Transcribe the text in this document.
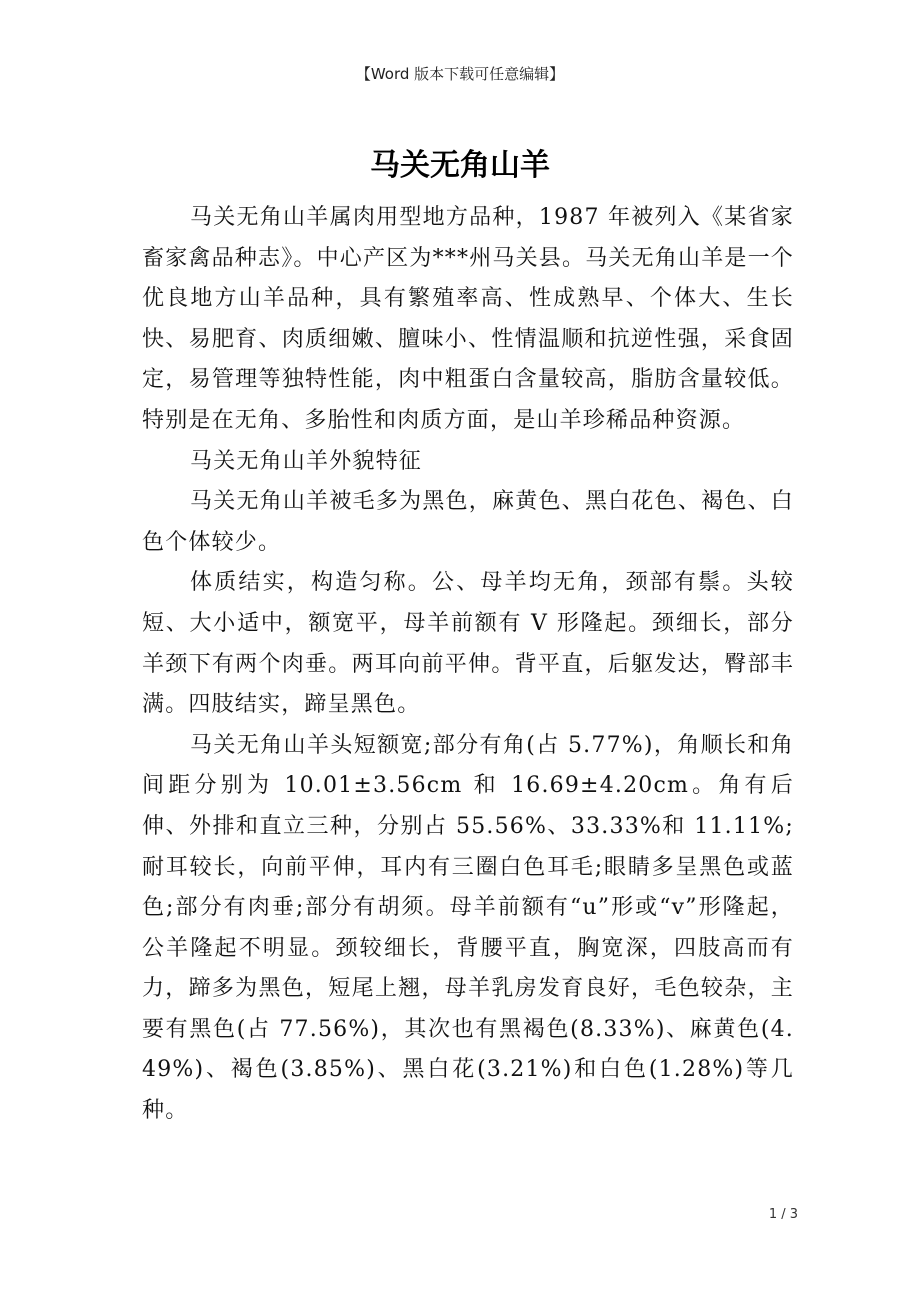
【Word 版本下载可任意编辑】
马关无角山羊

马关无角山羊属肉用型地方品种，1987 年被列入《某省家畜家禽品种志》。中心产区为***州马关县。马关无角山羊是一个优良地方山羊品种，具有繁殖率高、性成熟早、个体大、生长快、易肥育、肉质细嫩、膻味小、性情温顺和抗逆性强，采食固定，易管理等独特性能，肉中粗蛋白含量较高，脂肪含量较低。特别是在无角、多胎性和肉质方面，是山羊珍稀品种资源。

马关无角山羊外貌特征

马关无角山羊被毛多为黑色，麻黄色、黑白花色、褐色、白色个体较少。

体质结实，构造匀称。公、母羊均无角，颈部有鬃。头较短、大小适中，额宽平，母羊前额有 V 形隆起。颈细长，部分羊颈下有两个肉垂。两耳向前平伸。背平直，后躯发达，臀部丰满。四肢结实，蹄呈黑色。

马关无角山羊头短额宽;部分有角(占 5.77%)，角顺长和角间距分别为 10.01±3.56cm 和 16.69±4.20cm。角有后伸、外排和直立三种，分别占 55.56%、33.33%和 11.11%;耐耳较长，向前平伸，耳内有三圈白色耳毛;眼睛多呈黑色或蓝色;部分有肉垂;部分有胡须。母羊前额有“u”形或“v”形隆起，公羊隆起不明显。颈较细长，背腰平直，胸宽深，四肢高而有力，蹄多为黑色，短尾上翘，母羊乳房发育良好，毛色较杂，主要有黑色(占 77.56%)，其次也有黑褐色(8.33%)、麻黄色(4.49%)、褐色(3.85%)、黑白花(3.21%)和白色(1.28%)等几种。

1 / 3
